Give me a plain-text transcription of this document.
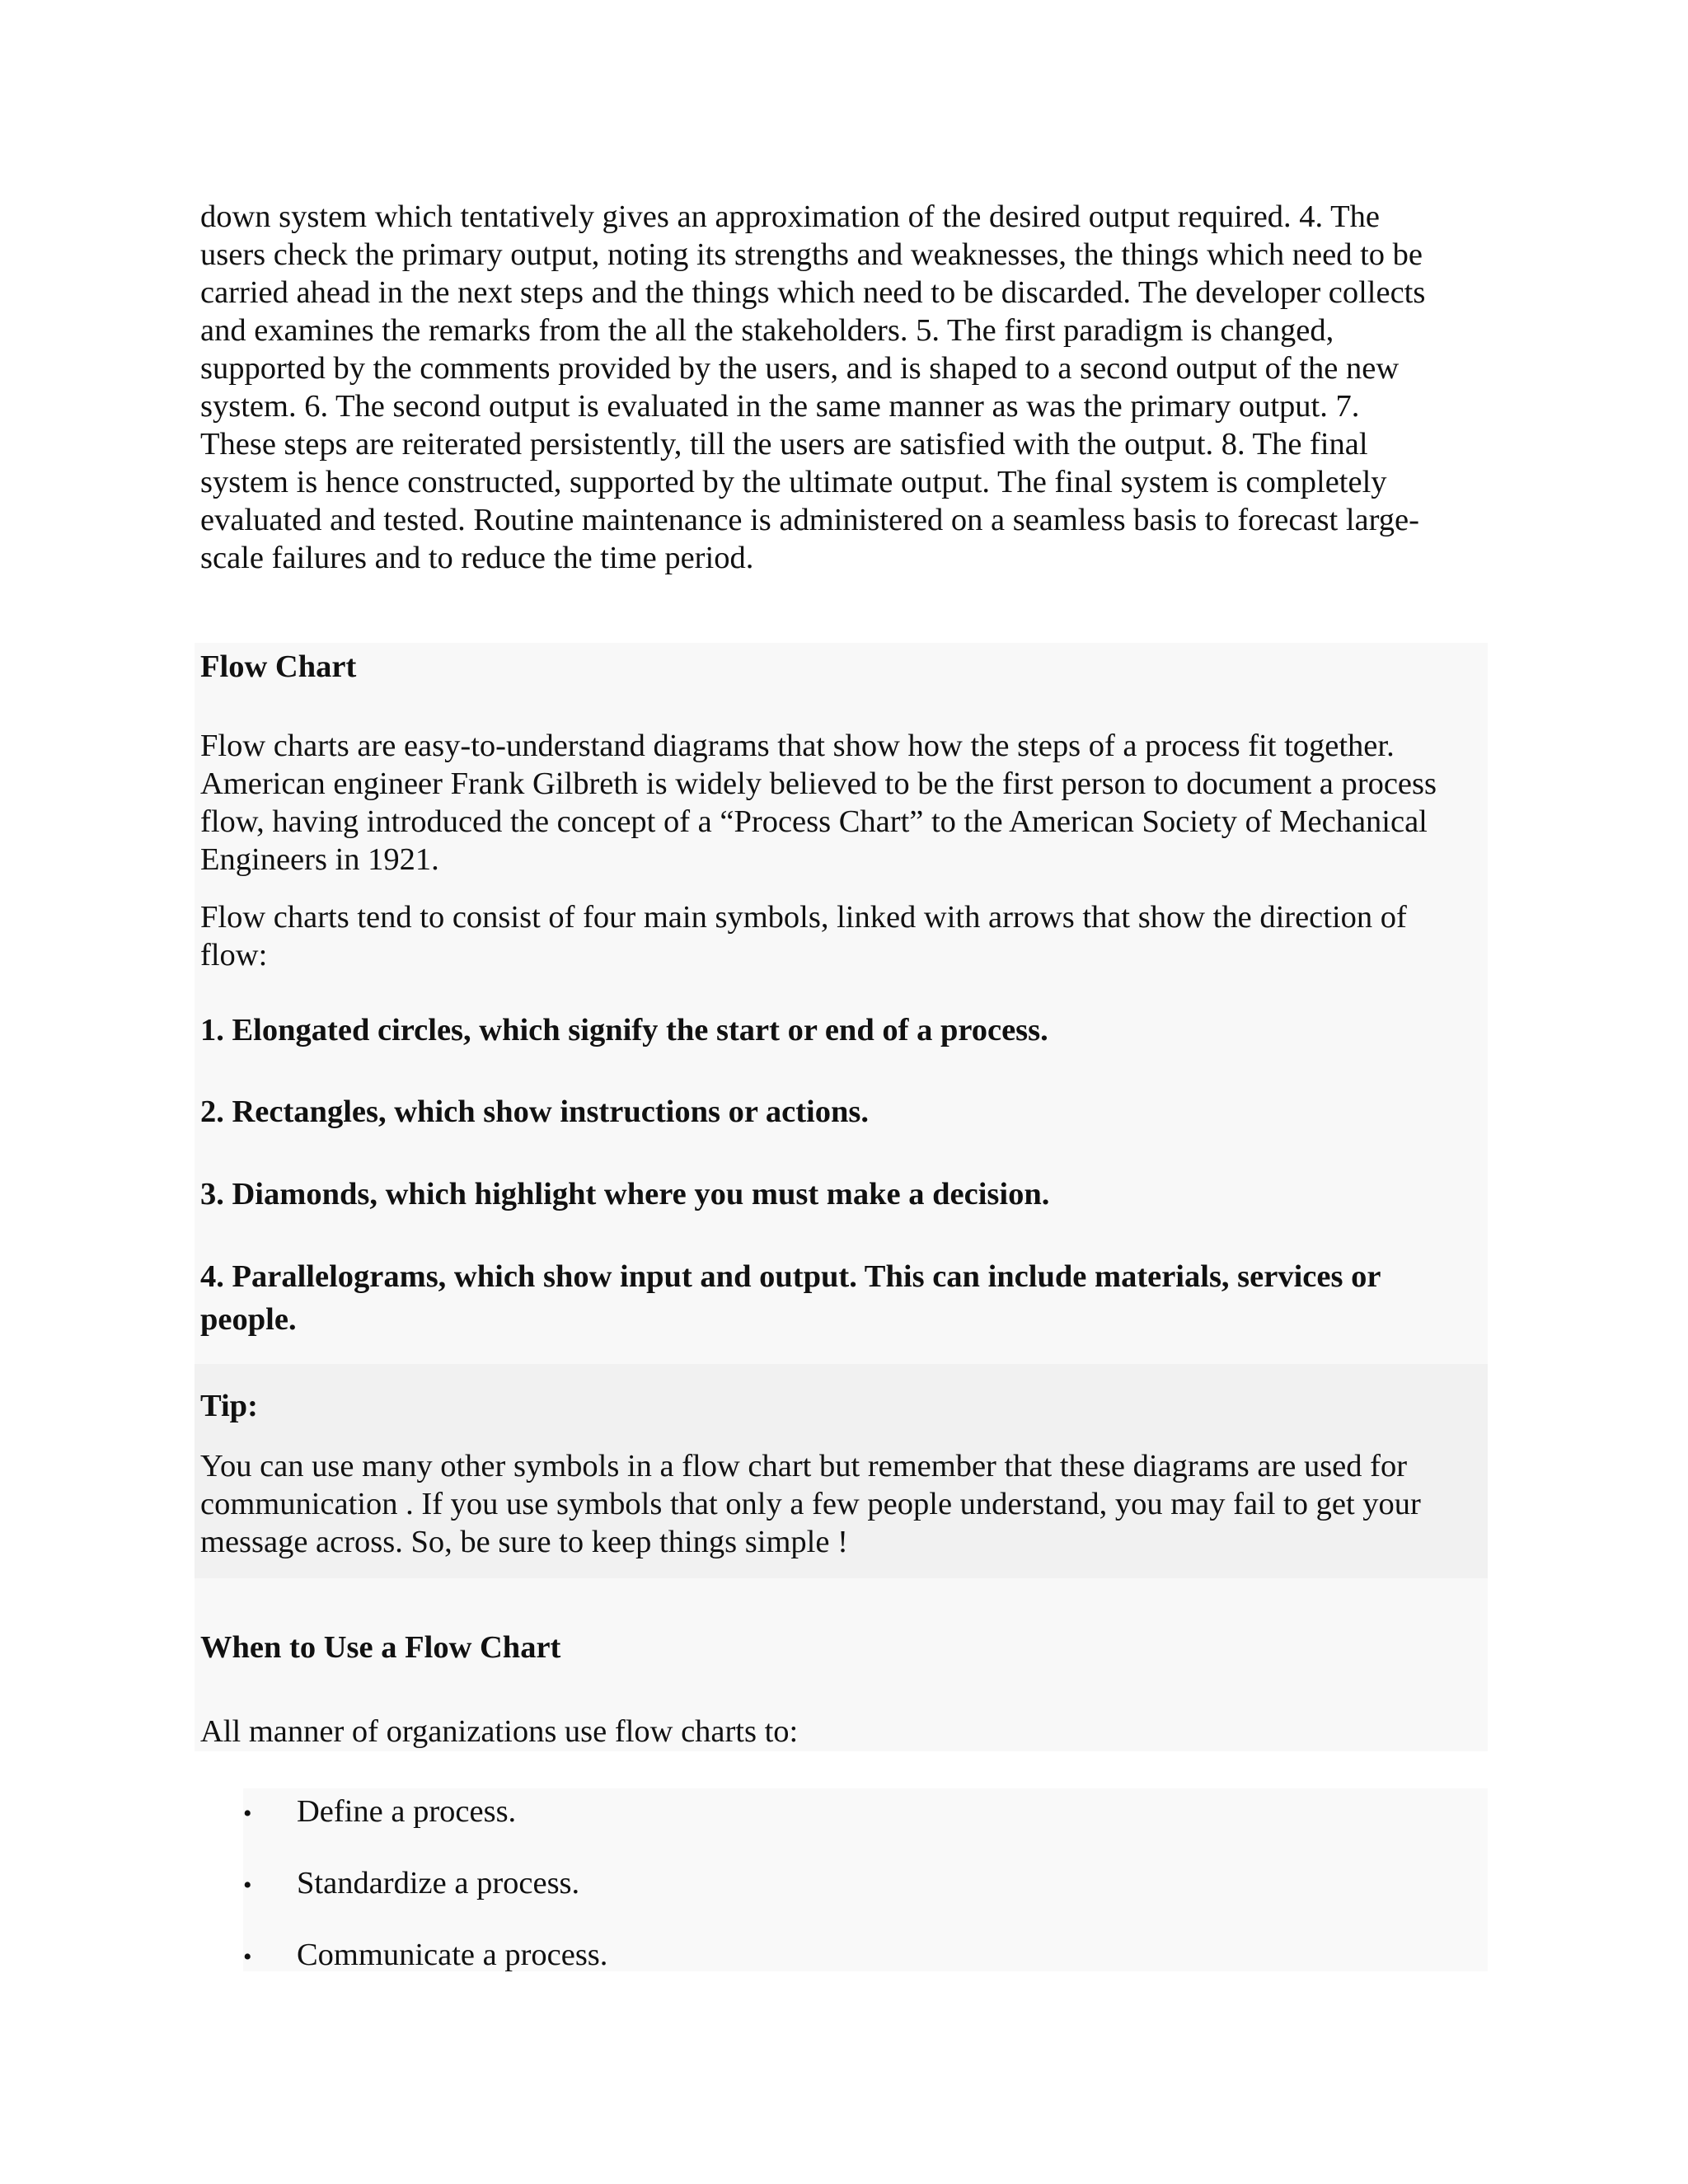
down system which tentatively gives an approximation of the desired output required. 4. The
users check the primary output, noting its strengths and weaknesses, the things which need to be
carried ahead in the next steps and the things which need to be discarded. The developer collects
and examines the remarks from the all the stakeholders. 5. The first paradigm is changed,
supported by the comments provided by the users, and is shaped to a second output of the new
system. 6. The second output is evaluated in the same manner as was the primary output. 7.
These steps are reiterated persistently, till the users are satisfied with the output. 8. The final
system is hence constructed, supported by the ultimate output. The final system is completely
evaluated and tested. Routine maintenance is administered on a seamless basis to forecast large-
scale failures and to reduce the time period.
Flow Chart
Flow charts are easy-to-understand diagrams that show how the steps of a process fit together.
American engineer Frank Gilbreth is widely believed to be the first person to document a process
flow, having introduced the concept of a “Process Chart” to the American Society of Mechanical
Engineers in 1921.
Flow charts tend to consist of four main symbols, linked with arrows that show the direction of
flow:
1. Elongated circles, which signify the start or end of a process.
2. Rectangles, which show instructions or actions.
3. Diamonds, which highlight where you must make a decision.
4. Parallelograms, which show input and output. This can include materials, services or
people.
Tip:
You can use many other symbols in a flow chart but remember that these diagrams are used for
communication . If you use symbols that only a few people understand, you may fail to get your
message across. So, be sure to keep things simple !
When to Use a Flow Chart
All manner of organizations use flow charts to:
• Define a process.
• Standardize a process.
• Communicate a process.
